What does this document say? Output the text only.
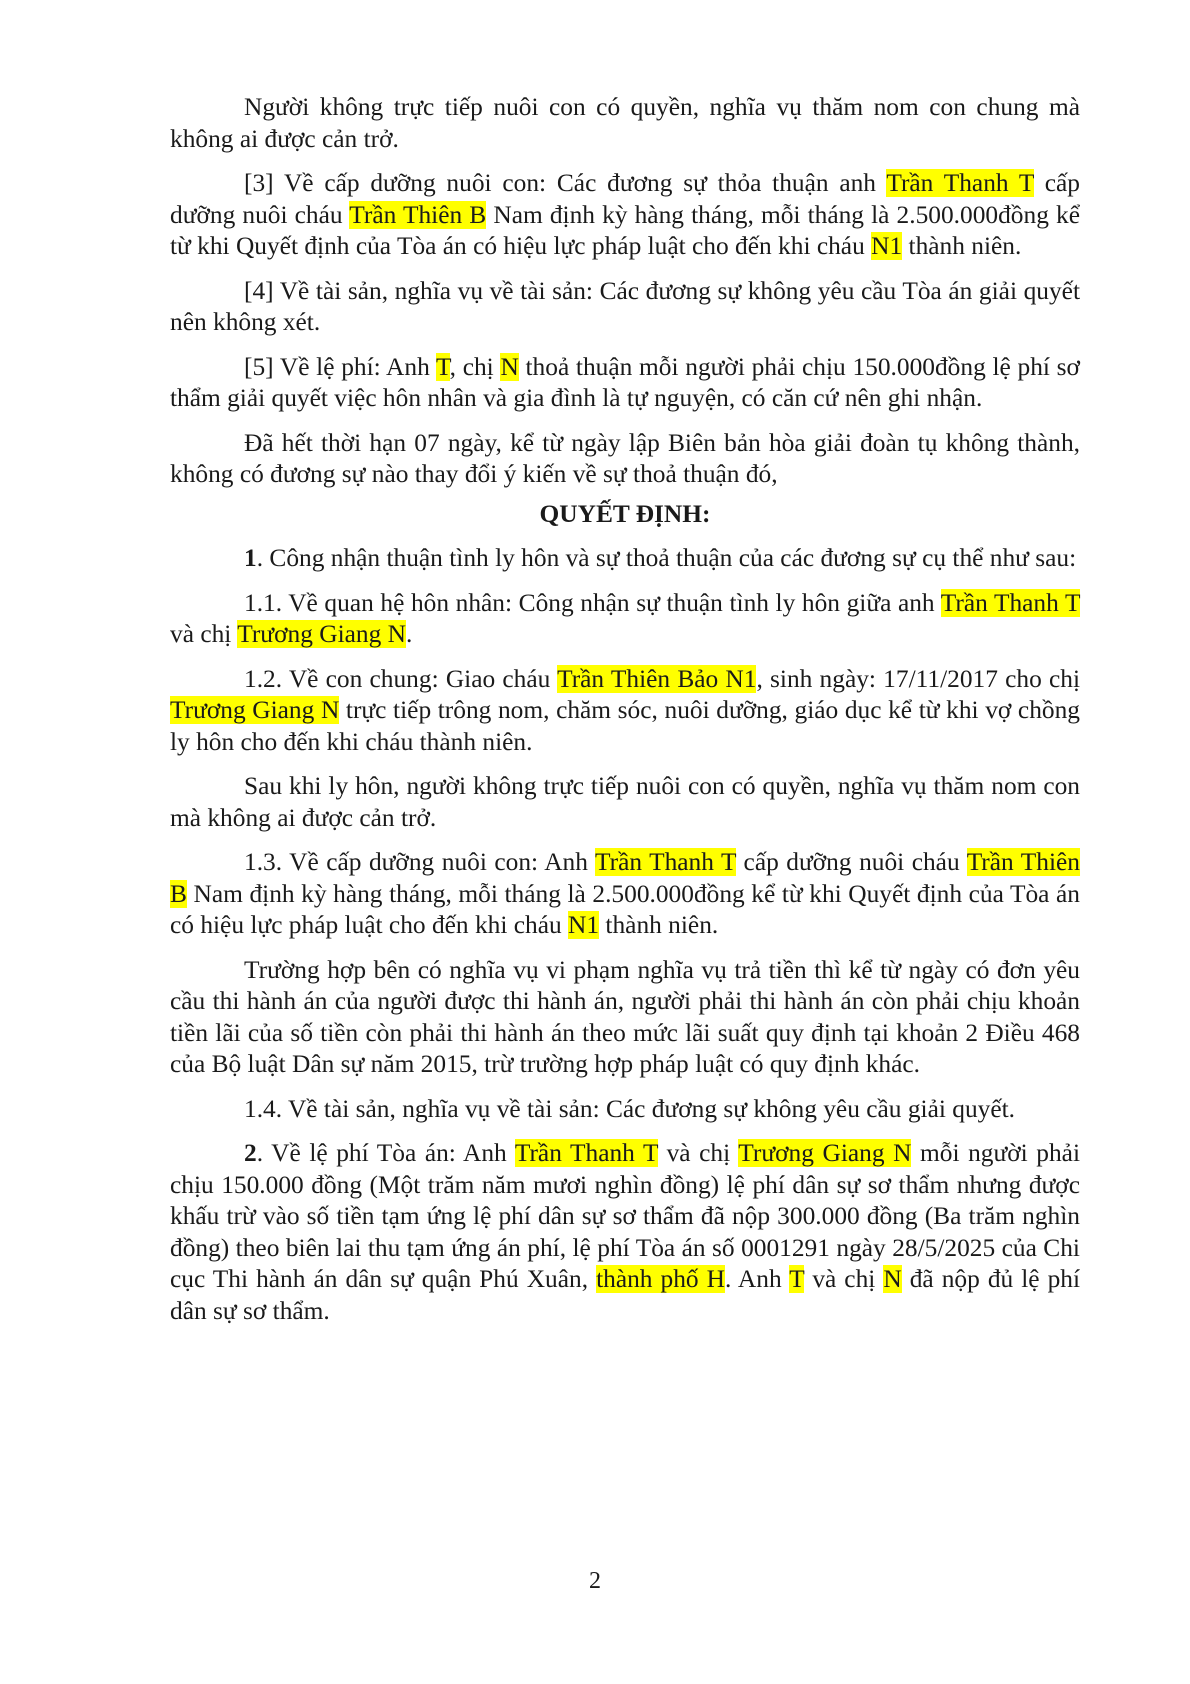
Người không trực tiếp nuôi con có quyền, nghĩa vụ thăm nom con chung mà không ai được cản trở.

[3] Về cấp dưỡng nuôi con: Các đương sự thỏa thuận anh Trần Thanh T cấp dưỡng nuôi cháu Trần Thiên B Nam định kỳ hàng tháng, mỗi tháng là 2.500.000đồng kể từ khi Quyết định của Tòa án có hiệu lực pháp luật cho đến khi cháu N1 thành niên.

[4] Về tài sản, nghĩa vụ về tài sản: Các đương sự không yêu cầu Tòa án giải quyết nên không xét.

[5] Về lệ phí: Anh T, chị N thoả thuận mỗi người phải chịu 150.000đồng lệ phí sơ thẩm giải quyết việc hôn nhân và gia đình là tự nguyện, có căn cứ nên ghi nhận.

Đã hết thời hạn 07 ngày, kể từ ngày lập Biên bản hòa giải đoàn tụ không thành, không có đương sự nào thay đổi ý kiến về sự thoả thuận đó,

QUYẾT ĐỊNH:

1. Công nhận thuận tình ly hôn và sự thoả thuận của các đương sự cụ thể như sau:

1.1. Về quan hệ hôn nhân: Công nhận sự thuận tình ly hôn giữa anh Trần Thanh T và chị Trương Giang N.

1.2. Về con chung: Giao cháu Trần Thiên Bảo N1, sinh ngày: 17/11/2017 cho chị Trương Giang N trực tiếp trông nom, chăm sóc, nuôi dưỡng, giáo dục kể từ khi vợ chồng ly hôn cho đến khi cháu thành niên.

Sau khi ly hôn, người không trực tiếp nuôi con có quyền, nghĩa vụ thăm nom con mà không ai được cản trở.

1.3. Về cấp dưỡng nuôi con: Anh Trần Thanh T cấp dưỡng nuôi cháu Trần Thiên B Nam định kỳ hàng tháng, mỗi tháng là 2.500.000đồng kể từ khi Quyết định của Tòa án có hiệu lực pháp luật cho đến khi cháu N1 thành niên.

Trường hợp bên có nghĩa vụ vi phạm nghĩa vụ trả tiền thì kể từ ngày có đơn yêu cầu thi hành án của người được thi hành án, người phải thi hành án còn phải chịu khoản tiền lãi của số tiền còn phải thi hành án theo mức lãi suất quy định tại khoản 2 Điều 468 của Bộ luật Dân sự năm 2015, trừ trường hợp pháp luật có quy định khác.

1.4. Về tài sản, nghĩa vụ về tài sản: Các đương sự không yêu cầu giải quyết.

2. Về lệ phí Tòa án: Anh Trần Thanh T và chị Trương Giang N mỗi người phải chịu 150.000 đồng (Một trăm năm mươi nghìn đồng) lệ phí dân sự sơ thẩm nhưng được khấu trừ vào số tiền tạm ứng lệ phí dân sự sơ thẩm đã nộp 300.000 đồng (Ba trăm nghìn đồng) theo biên lai thu tạm ứng án phí, lệ phí Tòa án số 0001291 ngày 28/5/2025 của Chi cục Thi hành án dân sự quận Phú Xuân, thành phố H. Anh T và chị N đã nộp đủ lệ phí dân sự sơ thẩm.

2
